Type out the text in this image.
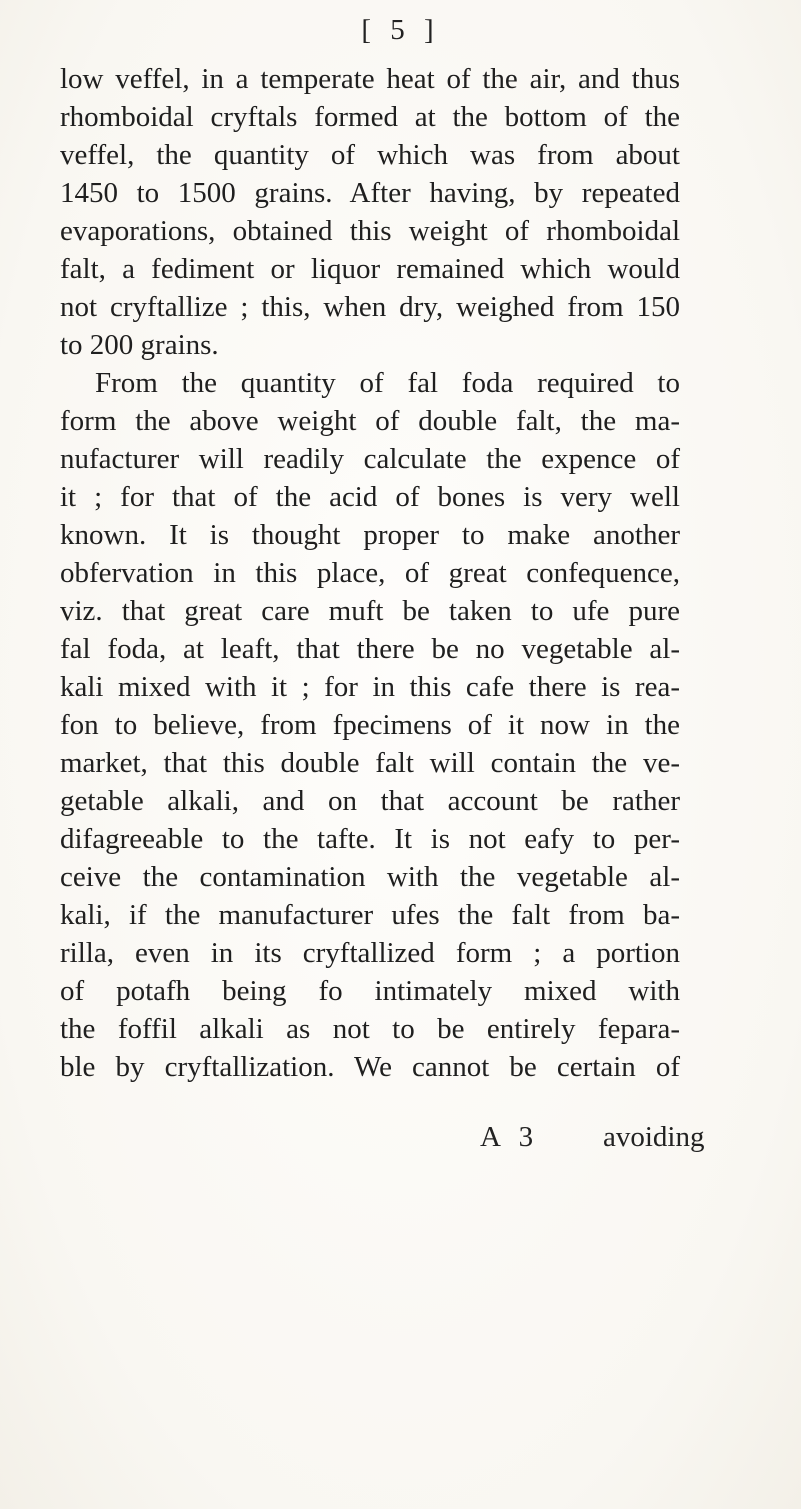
[ 5 ]
low veffel, in a temperate heat of the air, and thus
rhomboidal cryftals formed at the bottom of the
veffel, the quantity of which was from about
1450 to 1500 grains. After having, by repeated
evaporations, obtained this weight of rhomboidal
falt, a fediment or liquor remained which would
not cryftallize ; this, when dry, weighed from 150
to 200 grains.
From the quantity of fal foda required to
form the above weight of double falt, the ma-
nufacturer will readily calculate the expence of
it ; for that of the acid of bones is very well
known. It is thought proper to make another
obfervation in this place, of great confequence,
viz. that great care muft be taken to ufe pure
fal foda, at leaft, that there be no vegetable al-
kali mixed with it ; for in this cafe there is rea-
fon to believe, from fpecimens of it now in the
market, that this double falt will contain the ve-
getable alkali, and on that account be rather
difagreeable to the tafte. It is not eafy to per-
ceive the contamination with the vegetable al-
kali, if the manufacturer ufes the falt from ba-
rilla, even in its cryftallized form ; a portion
of potafh being fo intimately mixed with
the foffil alkali as not to be entirely fepara-
ble by cryftallization. We cannot be certain of
A 3 avoiding
